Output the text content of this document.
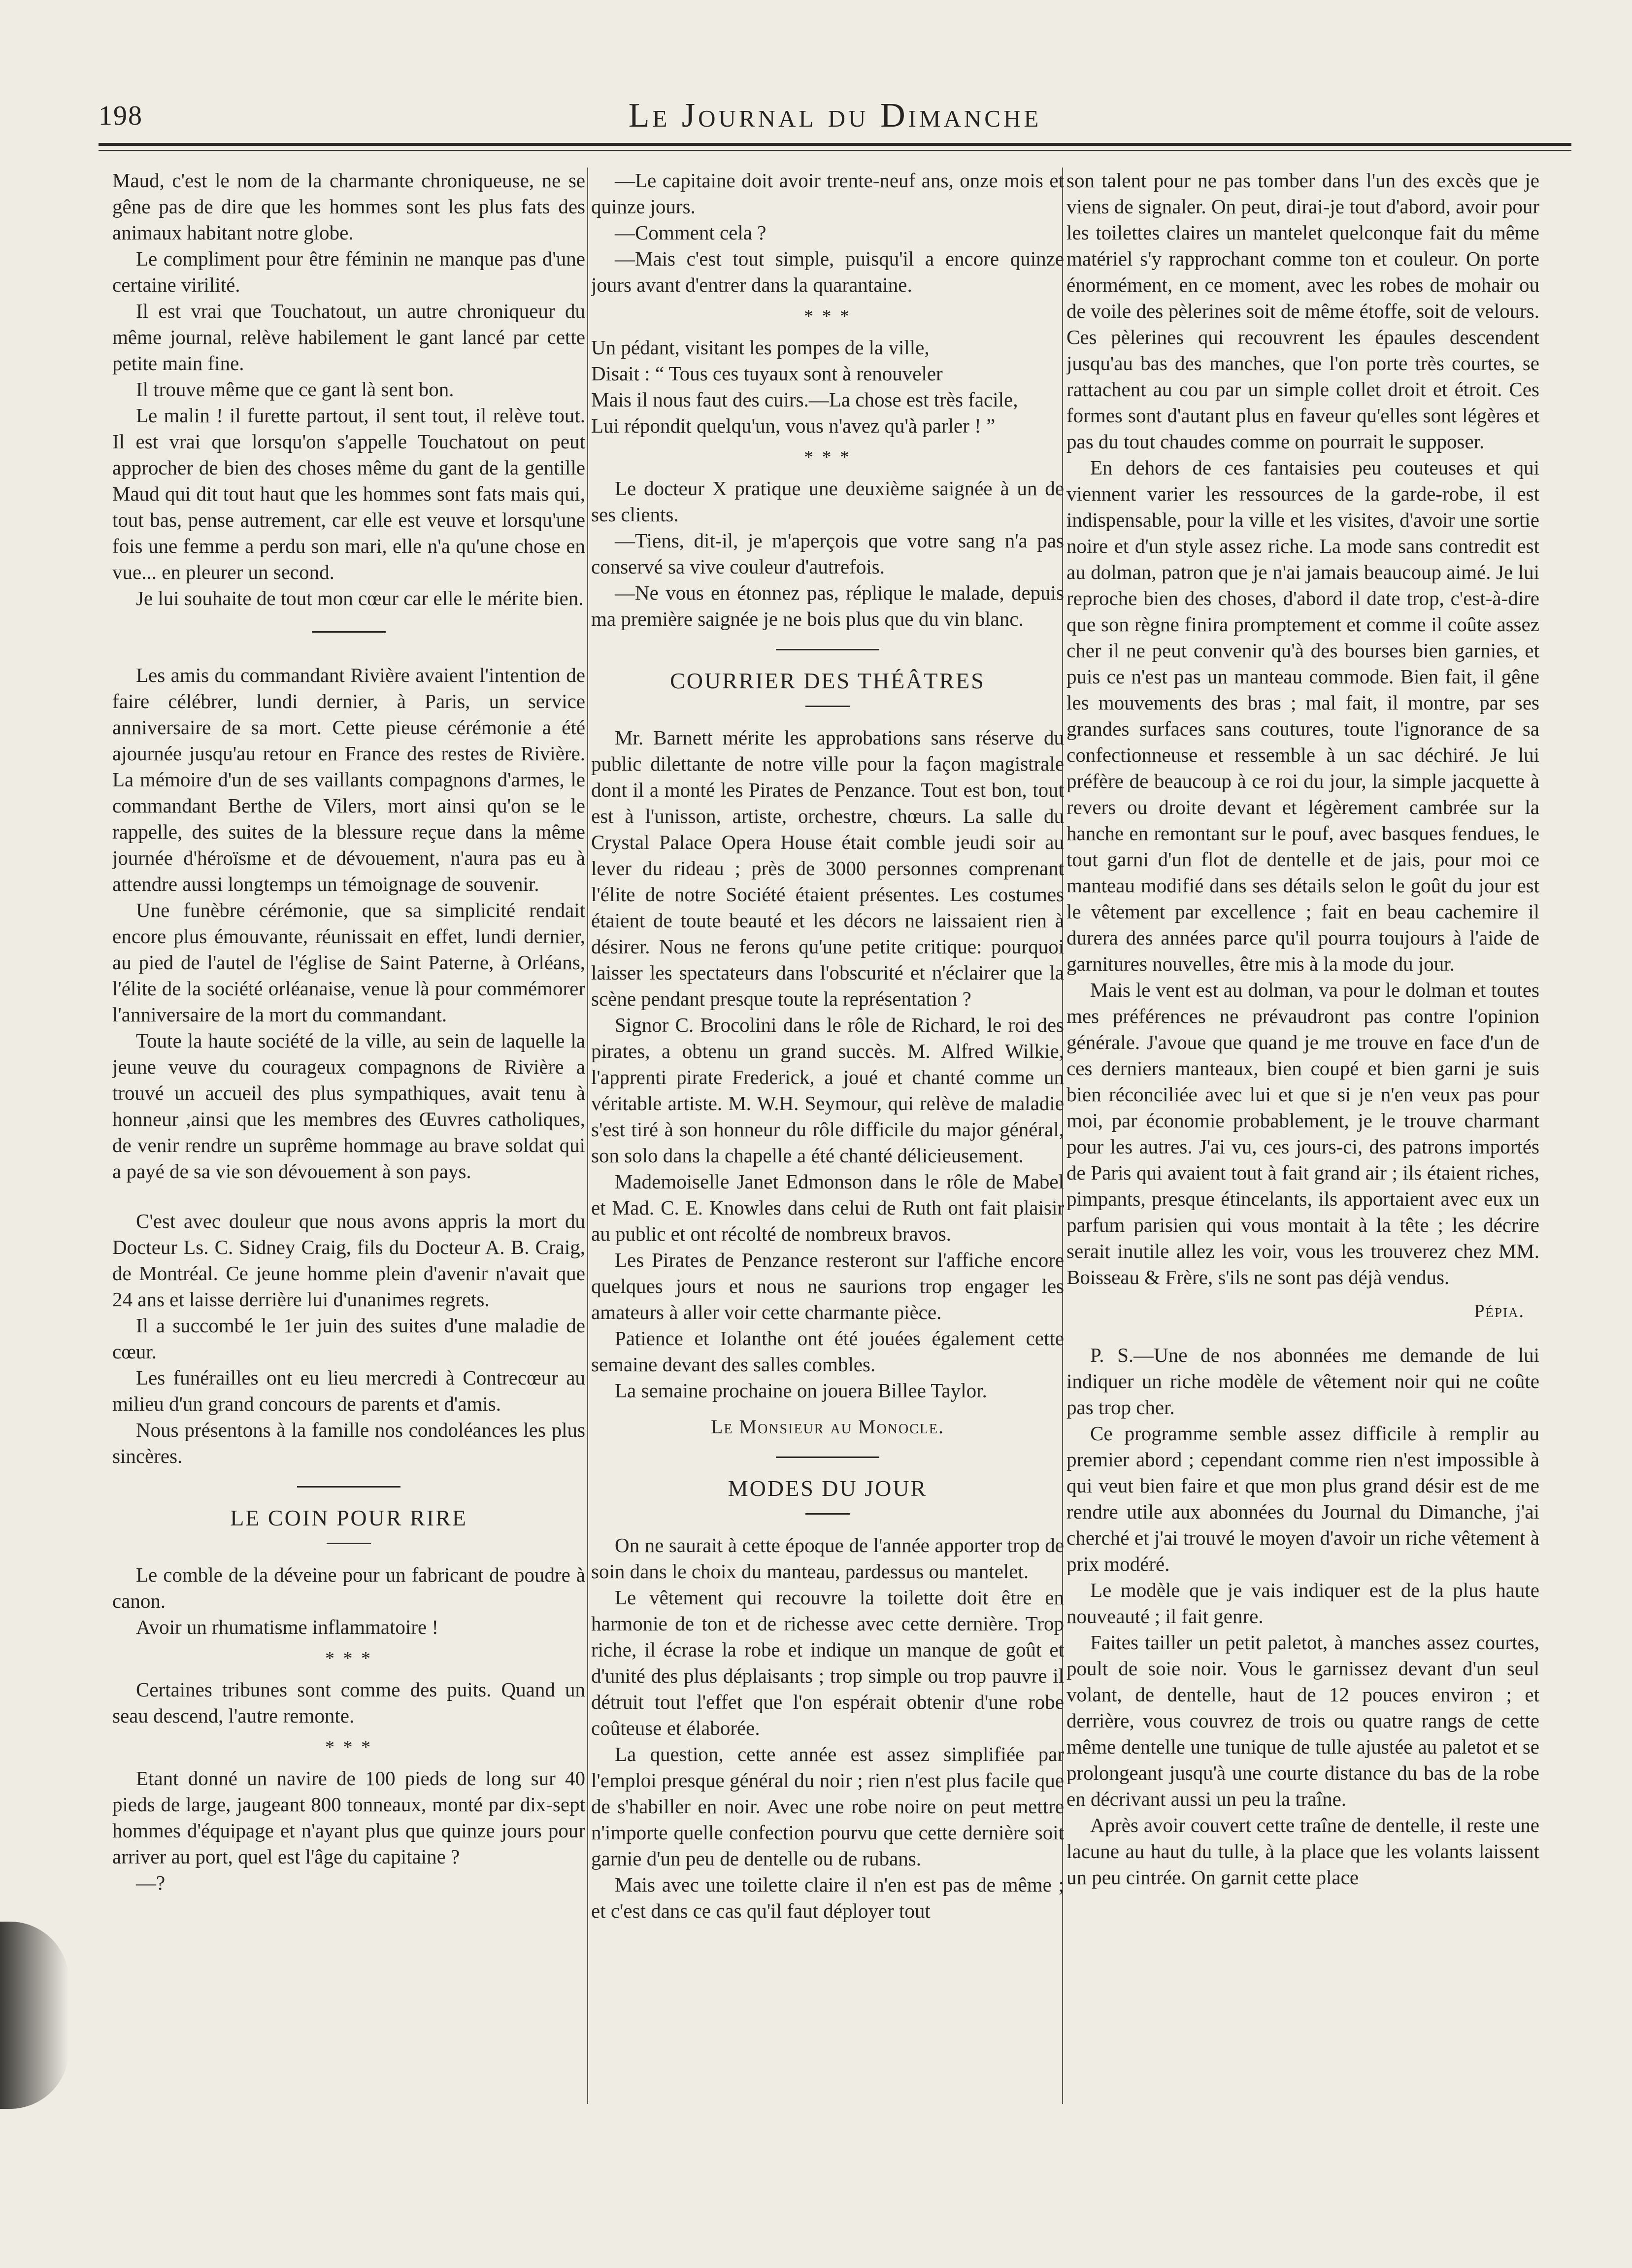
198	Le Journal du Dimanche

Maud, c'est le nom de la charmante chroniqueuse, ne se gêne pas de dire que les hommes sont les plus fats des animaux habitant notre globe.

Le compliment pour être féminin ne manque pas d'une certaine virilité.

Il est vrai que Touchatout, un autre chroniqueur du même journal, relève habilement le gant lancé par cette petite main fine.

Il trouve même que ce gant là sent bon.

Le malin ! il furette partout, il sent tout, il relève tout. Il est vrai que lorsqu'on s'appelle Touchatout on peut approcher de bien des choses même du gant de la gentille Maud qui dit tout haut que les hommes sont fats mais qui, tout bas, pense autrement, car elle est veuve et lorsqu'une fois une femme a perdu son mari, elle n'a qu'une chose en vue... en pleurer un second.

Je lui souhaite de tout mon cœur car elle le mérite bien.

Les amis du commandant Rivière avaient l'intention de faire célébrer, lundi dernier, à Paris, un service anniversaire de sa mort. Cette pieuse cérémonie a été ajournée jusqu'au retour en France des restes de Rivière. La mémoire d'un de ses vaillants compagnons d'armes, le commandant Berthe de Vilers, mort ainsi qu'on se le rappelle, des suites de la blessure reçue dans la même journée d'héroïsme et de dévouement, n'aura pas eu à attendre aussi longtemps un témoignage de souvenir.

Une funèbre cérémonie, que sa simplicité rendait encore plus émouvante, réunissait en effet, lundi dernier, au pied de l'autel de l'église de Saint Paterne, à Orléans, l'élite de la société orléanaise, venue là pour commémorer l'anniversaire de la mort du commandant.

Toute la haute société de la ville, au sein de laquelle la jeune veuve du courageux compagnons de Rivière a trouvé un accueil des plus sympathiques, avait tenu à honneur ,ainsi que les membres des Œuvres catholiques, de venir rendre un suprême hommage au brave soldat qui a payé de sa vie son dévouement à son pays.

C'est avec douleur que nous avons appris la mort du Docteur Ls. C. Sidney Craig, fils du Docteur A. B. Craig, de Montréal. Ce jeune homme plein d'avenir n'avait que 24 ans et laisse derrière lui d'unanimes regrets.

Il a succombé le 1er juin des suites d'une maladie de cœur.

Les funérailles ont eu lieu mercredi à Contrecœur au milieu d'un grand concours de parents et d'amis.

Nous présentons à la famille nos condoléances les plus sincères.

LE COIN POUR RIRE

Le comble de la déveine pour un fabricant de poudre à canon.

Avoir un rhumatisme inflammatoire !

* * *

Certaines tribunes sont comme des puits. Quand un seau descend, l'autre remonte.

* * *

Etant donné un navire de 100 pieds de long sur 40 pieds de large, jaugeant 800 tonneaux, monté par dix-sept hommes d'équipage et n'ayant plus que quinze jours pour arriver au port, quel est l'âge du capitaine ?

—?

—Le capitaine doit avoir trente-neuf ans, onze mois et quinze jours.

—Comment cela ?

—Mais c'est tout simple, puisqu'il a encore quinze jours avant d'entrer dans la quarantaine.

* * *

Un pédant, visitant les pompes de la ville,

Disait : “ Tous ces tuyaux sont à renouveler

Mais il nous faut des cuirs.—La chose est très facile,

Lui répondit quelqu'un, vous n'avez qu'à parler ! ”

* * *

Le docteur X pratique une deuxième saignée à un de ses clients.

—Tiens, dit-il, je m'aperçois que votre sang n'a pas conservé sa vive couleur d'autrefois.

—Ne vous en étonnez pas, réplique le malade, depuis ma première saignée je ne bois plus que du vin blanc.

COURRIER DES THÉÂTRES

Mr. Barnett mérite les approbations sans réserve du public dilettante de notre ville pour la façon magistrale dont il a monté les Pirates de Penzance. Tout est bon, tout est à l'unisson, artiste, orchestre, chœurs. La salle du Crystal Palace Opera House était comble jeudi soir au lever du rideau ; près de 3000 personnes comprenant l'élite de notre Société étaient présentes. Les costumes étaient de toute beauté et les décors ne laissaient rien à désirer. Nous ne ferons qu'une petite critique: pourquoi laisser les spectateurs dans l'obscurité et n'éclairer que la scène pendant presque toute la représentation ?

Signor C. Brocolini dans le rôle de Richard, le roi des pirates, a obtenu un grand succès. M. Alfred Wilkie, l'apprenti pirate Frederick, a joué et chanté comme un véritable artiste. M. W.H. Seymour, qui relève de maladie s'est tiré à son honneur du rôle difficile du major général, son solo dans la chapelle a été chanté délicieusement.

Mademoiselle Janet Edmonson dans le rôle de Mabel et Mad. C. E. Knowles dans celui de Ruth ont fait plaisir au public et ont récolté de nombreux bravos.

Les Pirates de Penzance resteront sur l'affiche encore quelques jours et nous ne saurions trop engager les amateurs à aller voir cette charmante pièce.

Patience et Iolanthe ont été jouées également cette semaine devant des salles combles.

La semaine prochaine on jouera Billee Taylor.

Le Monsieur au Monocle.
MODES DU JOUR

On ne saurait à cette époque de l'année apporter trop de soin dans le choix du manteau, pardessus ou mantelet.

Le vêtement qui recouvre la toilette doit être en harmonie de ton et de richesse avec cette dernière. Trop riche, il écrase la robe et indique un manque de goût et d'unité des plus déplaisants ; trop simple ou trop pauvre il détruit tout l'effet que l'on espérait obtenir d'une robe coûteuse et élaborée.

La question, cette année est assez simplifiée par l'emploi presque général du noir ; rien n'est plus facile que de s'habiller en noir. Avec une robe noire on peut mettre n'importe quelle confection pourvu que cette dernière soit garnie d'un peu de dentelle ou de rubans.

Mais avec une toilette claire il n'en est pas de même ; et c'est dans ce cas qu'il faut déployer tout

son talent pour ne pas tomber dans l'un des excès que je viens de signaler. On peut, dirai-je tout d'abord, avoir pour les toilettes claires un mantelet quelconque fait du même matériel s'y rapprochant comme ton et couleur. On porte énormément, en ce moment, avec les robes de mohair ou de voile des pèlerines soit de même étoffe, soit de velours. Ces pèlerines qui recouvrent les épaules descendent jusqu'au bas des manches, que l'on porte très courtes, se rattachent au cou par un simple collet droit et étroit. Ces formes sont d'autant plus en faveur qu'elles sont légères et pas du tout chaudes comme on pourrait le supposer.

En dehors de ces fantaisies peu couteuses et qui viennent varier les ressources de la garde-robe, il est indispensable, pour la ville et les visites, d'avoir une sortie noire et d'un style assez riche. La mode sans contredit est au dolman, patron que je n'ai jamais beaucoup aimé. Je lui reproche bien des choses, d'abord il date trop, c'est-à-dire que son règne finira promptement et comme il coûte assez cher il ne peut convenir qu'à des bourses bien garnies, et puis ce n'est pas un manteau commode. Bien fait, il gêne les mouvements des bras ; mal fait, il montre, par ses grandes surfaces sans coutures, toute l'ignorance de sa confectionneuse et ressemble à un sac déchiré. Je lui préfère de beaucoup à ce roi du jour, la simple jacquette à revers ou droite devant et légèrement cambrée sur la hanche en remontant sur le pouf, avec basques fendues, le tout garni d'un flot de dentelle et de jais, pour moi ce manteau modifié dans ses détails selon le goût du jour est le vêtement par excellence ; fait en beau cachemire il durera des années parce qu'il pourra toujours à l'aide de garnitures nouvelles, être mis à la mode du jour.

Mais le vent est au dolman, va pour le dolman et toutes mes préférences ne prévaudront pas contre l'opinion générale. J'avoue que quand je me trouve en face d'un de ces derniers manteaux, bien coupé et bien garni je suis bien réconciliée avec lui et que si je n'en veux pas pour moi, par économie probablement, je le trouve charmant pour les autres. J'ai vu, ces jours-ci, des patrons importés de Paris qui avaient tout à fait grand air ; ils étaient riches, pimpants, presque étincelants, ils apportaient avec eux un parfum parisien qui vous montait à la tête ; les décrire serait inutile allez les voir, vous les trouverez chez MM. Boisseau & Frère, s'ils ne sont pas déjà vendus.

Pépia.

P. S.—Une de nos abonnées me demande de lui indiquer un riche modèle de vêtement noir qui ne coûte pas trop cher.

Ce programme semble assez difficile à remplir au premier abord ; cependant comme rien n'est impossible à qui veut bien faire et que mon plus grand désir est de me rendre utile aux abonnées du Journal du Dimanche, j'ai cherché et j'ai trouvé le moyen d'avoir un riche vêtement à prix modéré.

Le modèle que je vais indiquer est de la plus haute nouveauté ; il fait genre.

Faites tailler un petit paletot, à manches assez courtes, poult de soie noir. Vous le garnissez devant d'un seul volant, de dentelle, haut de 12 pouces environ ; et derrière, vous couvrez de trois ou quatre rangs de cette même dentelle une tunique de tulle ajustée au paletot et se prolongeant jusqu'à une courte distance du bas de la robe en décrivant aussi un peu la traîne.

Après avoir couvert cette traîne de dentelle, il reste une lacune au haut du tulle, à la place que les volants laissent un peu cintrée. On garnit cette place
